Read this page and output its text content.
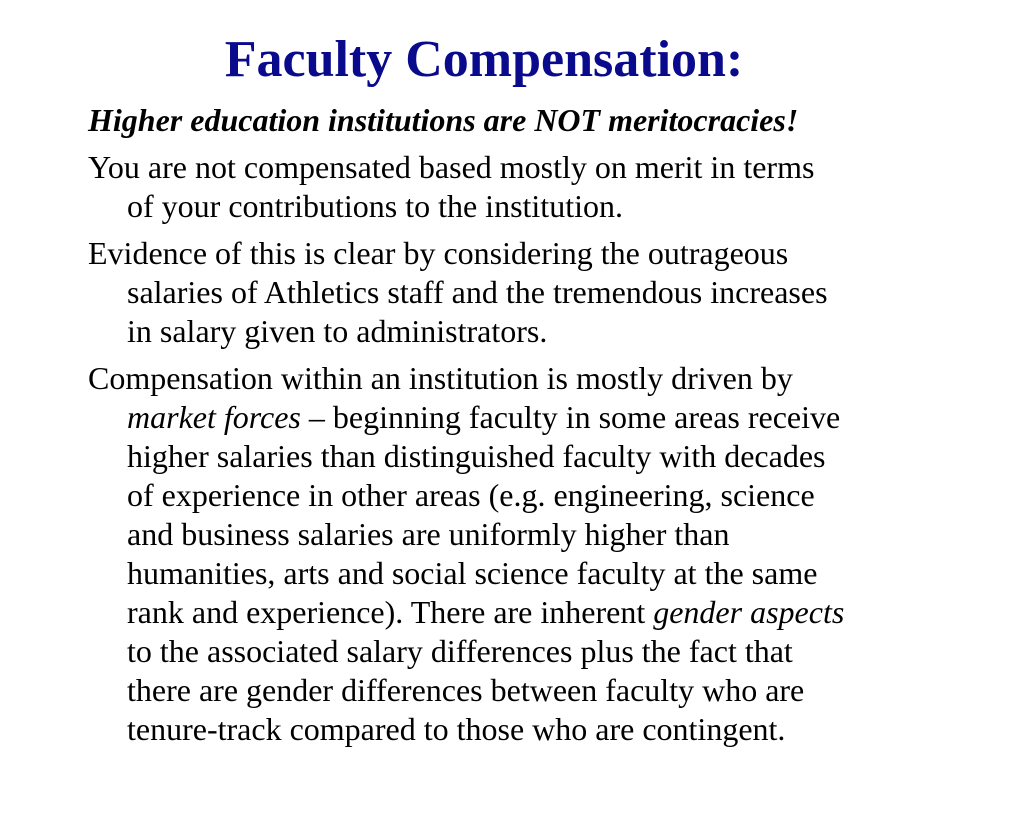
Faculty Compensation:

Higher education institutions are NOT meritocracies!

You are not compensated based mostly on merit in terms
of your contributions to the institution.

Evidence of this is clear by considering the outrageous
salaries of Athletics staff and the tremendous increases
in salary given to administrators.

Compensation within an institution is mostly driven by
market forces – beginning faculty in some areas receive
higher salaries than distinguished faculty with decades
of experience in other areas (e.g. engineering, science
and business salaries are uniformly higher than
humanities, arts and social science faculty at the same
rank and experience). There are inherent gender aspects
to the associated salary differences plus the fact that
there are gender differences between faculty who are
tenure-track compared to those who are contingent.
